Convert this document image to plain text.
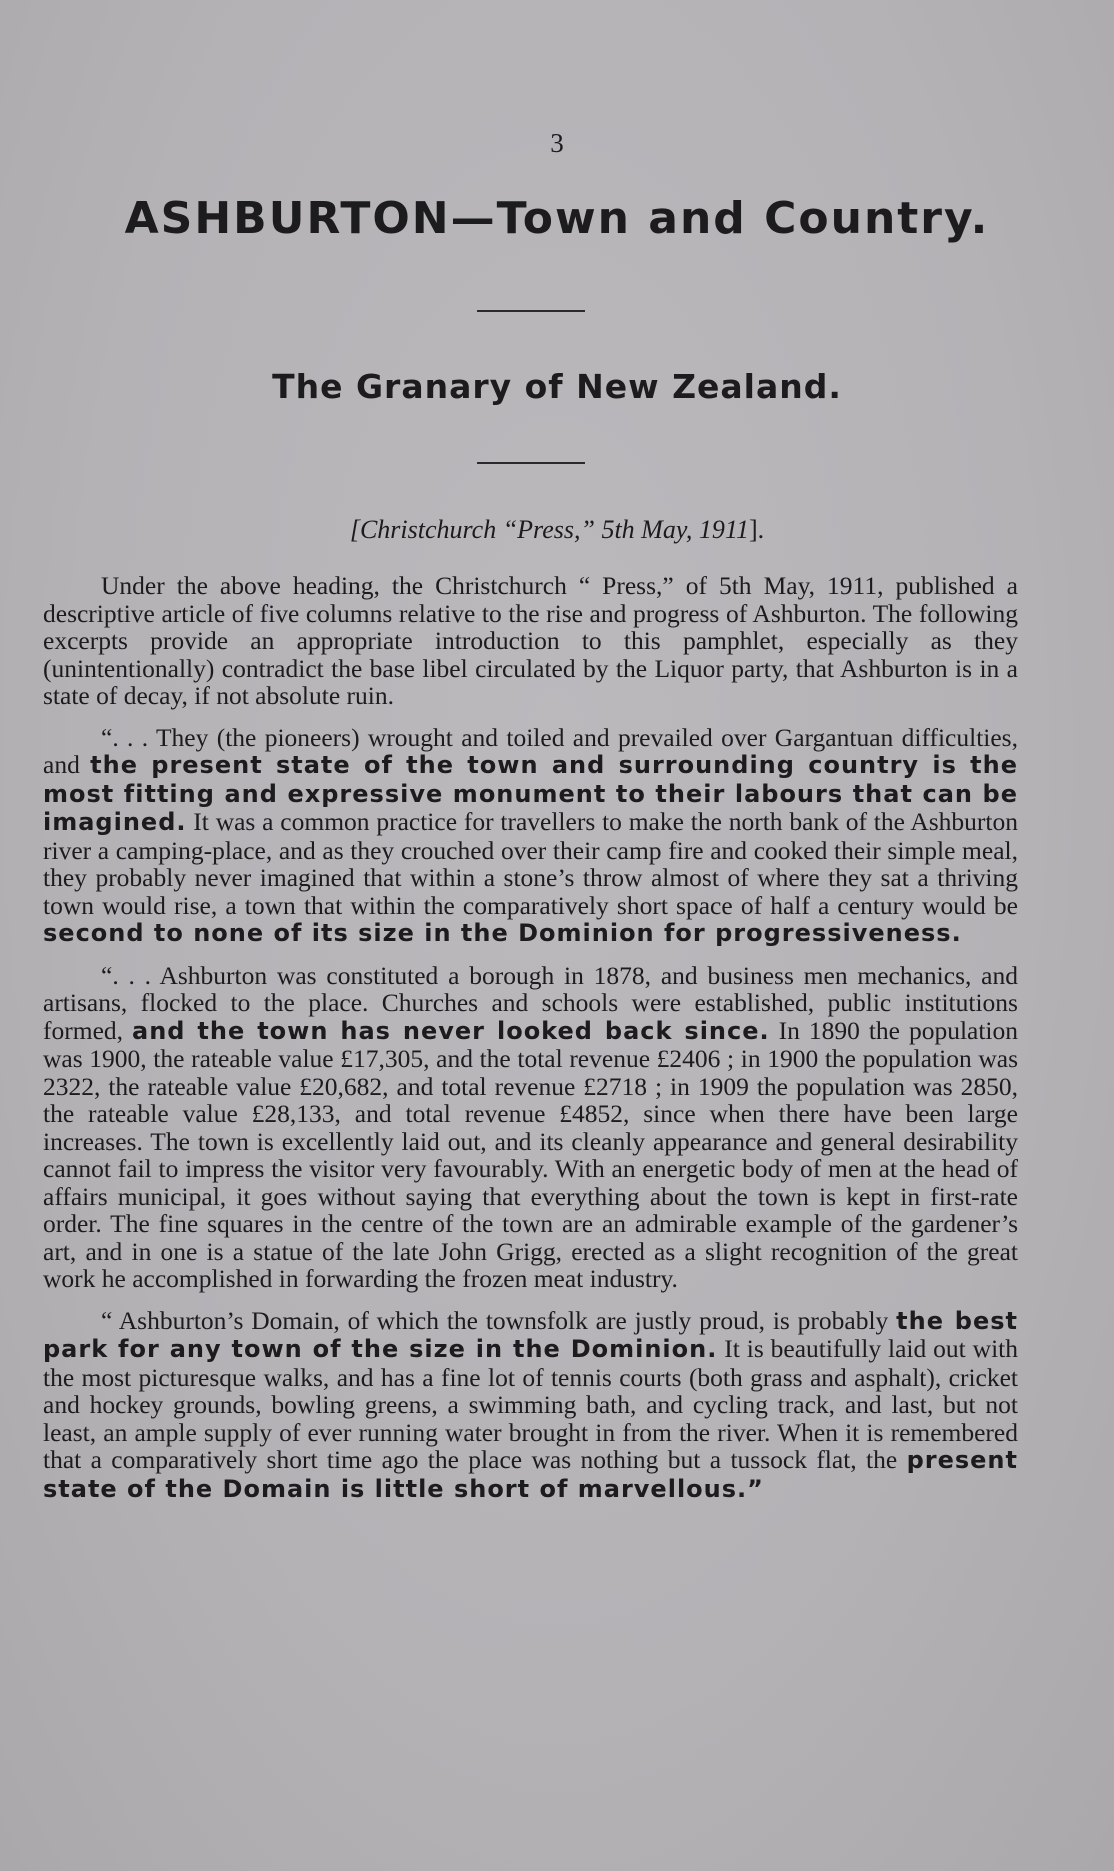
3
ASHBURTON—Town and Country.
The Granary of New Zealand.
[Christchurch “Press,” 5th May, 1911].

Under the above heading, the Christchurch “ Press,” of 5th May, 1911, published a descriptive article of five columns relative to the rise and progress of Ashburton. The following excerpts provide an appropriate introduction to this pamphlet, especially as they (unintentionally) contradict the base libel circulated by the Liquor party, that Ashburton is in a state of decay, if not absolute ruin.

“. . . They (the pioneers) wrought and toiled and prevailed over Gargantuan difficulties, and the present state of the town and surrounding country is the most fitting and expressive monument to their labours that can be imagined. It was a common practice for travellers to make the north bank of the Ashburton river a camping-place, and as they crouched over their camp fire and cooked their simple meal, they probably never imagined that within a stone’s throw almost of where they sat a thriving town would rise, a town that within the comparatively short space of half a century would be second to none of its size in the Dominion for progressiveness.

“. . . Ashburton was constituted a borough in 1878, and business men mechanics, and artisans, flocked to the place. Churches and schools were established, public institutions formed, and the town has never looked back since. In 1890 the population was 1900, the rateable value £17,305, and the total revenue £2406 ; in 1900 the population was 2322, the rateable value £20,682, and total revenue £2718 ; in 1909 the population was 2850, the rateable value £28,133, and total revenue £4852, since when there have been large increases. The town is excellently laid out, and its cleanly appearance and general desirability cannot fail to impress the visitor very favourably. With an energetic body of men at the head of affairs municipal, it goes without saying that everything about the town is kept in first-rate order. The fine squares in the centre of the town are an admirable example of the gardener’s art, and in one is a statue of the late John Grigg, erected as a slight recognition of the great work he accomplished in forwarding the frozen meat industry.

“ Ashburton’s Domain, of which the townsfolk are justly proud, is probably the best park for any town of the size in the Dominion. It is beautifully laid out with the most picturesque walks, and has a fine lot of tennis courts (both grass and asphalt), cricket and hockey grounds, bowling greens, a swimming bath, and cycling track, and last, but not least, an ample supply of ever running water brought in from the river. When it is remembered that a comparatively short time ago the place was nothing but a tussock flat, the present state of the Domain is little short of marvellous.”
